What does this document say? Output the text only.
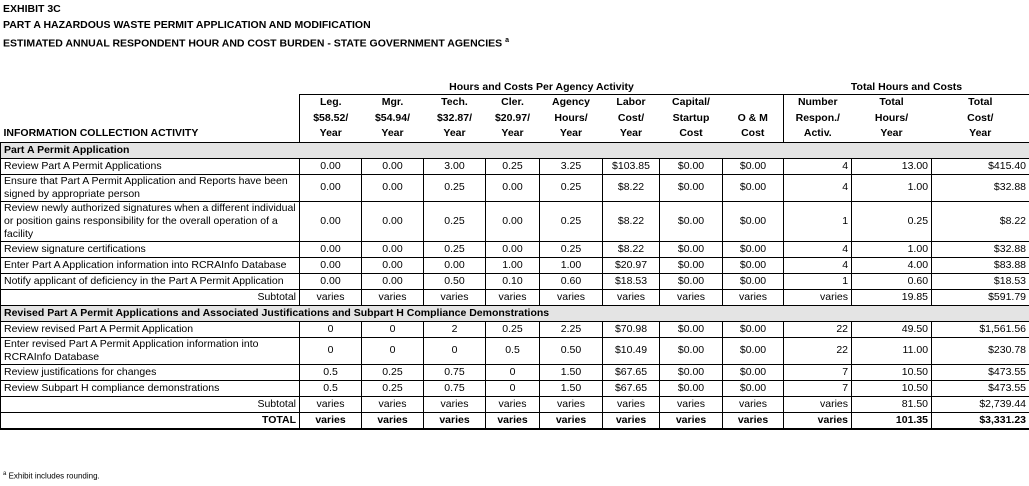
EXHIBIT 3C
PART A HAZARDOUS WASTE PERMIT APPLICATION AND MODIFICATION
ESTIMATED ANNUAL RESPONDENT HOUR AND COST BURDEN - STATE GOVERNMENT AGENCIES $^a$
	Hours and Costs Per Agency Activity								Total Hours and Costs		
	Leg.	Mgr.	Tech.	Cler.	Agency	Labor	Capital/		Number	Total	Total
	$58.52/	$54.94/	$32.87/	$20.97/	Hours/	Cost/	Startup	O & M	Respon./	Hours/	Cost/
INFORMATION COLLECTION ACTIVITY	Year	Year	Year	Year	Year	Year	Cost	Cost	Activ.	Year	Year
Part A Permit Application											
Review Part A Permit Applications	0.00	0.00	3.00	0.25	3.25	$103.85	$0.00	$0.00	4	13.00	$415.40
Ensure that Part A Permit Application and Reports have been signed by appropriate person	0.00	0.00	0.25	0.00	0.25	$8.22	$0.00	$0.00	4	1.00	$32.88
Review newly authorized signatures when a different individual or position gains responsibility for the overall operation of a facility	0.00	0.00	0.25	0.00	0.25	$8.22	$0.00	$0.00	1	0.25	$8.22
Review signature certifications	0.00	0.00	0.25	0.00	0.25	$8.22	$0.00	$0.00	4	1.00	$32.88
Enter Part A Application information into RCRAInfo Database	0.00	0.00	0.00	1.00	1.00	$20.97	$0.00	$0.00	4	4.00	$83.88
Notify applicant of deficiency in the Part A Permit Application	0.00	0.00	0.50	0.10	0.60	$18.53	$0.00	$0.00	1	0.60	$18.53
Subtotal	varies	varies	varies	varies	varies	varies	varies	varies	varies	19.85	$591.79
Revised Part A Permit Applications and Associated Justifications and Subpart H Compliance Demonstrations											
Review revised Part A Permit Application	0	0	2	0.25	2.25	$70.98	$0.00	$0.00	22	49.50	$1,561.56
Enter revised Part A Permit Application information into RCRAInfo Database	0	0	0	0.5	0.50	$10.49	$0.00	$0.00	22	11.00	$230.78
Review justifications for changes	0.5	0.25	0.75	0	1.50	$67.65	$0.00	$0.00	7	10.50	$473.55
Review Subpart H compliance demonstrations	0.5	0.25	0.75	0	1.50	$67.65	$0.00	$0.00	7	10.50	$473.55
Subtotal	varies	varies	varies	varies	varies	varies	varies	varies	varies	81.50	$2,739.44
TOTAL	varies	varies	varies	varies	varies	varies	varies	varies	varies	101.35	$3,331.23
$^a$ Exhibit includes rounding.
